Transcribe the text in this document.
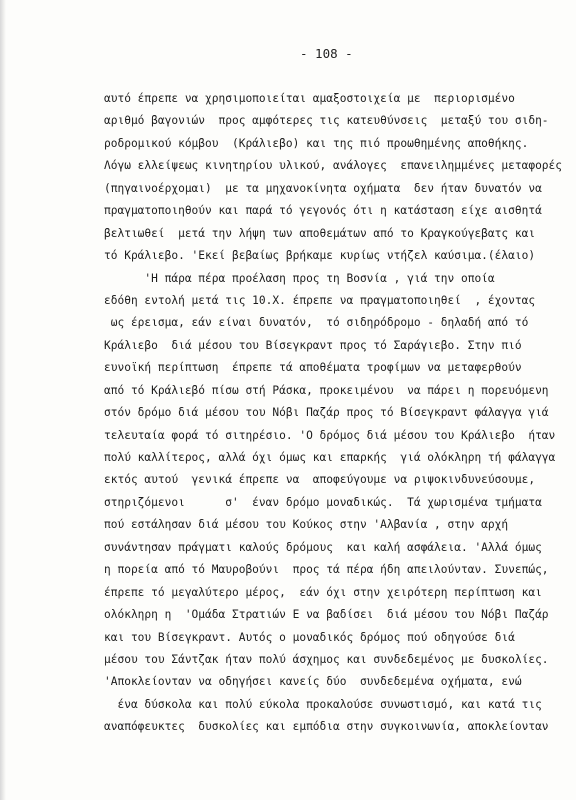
- 108 -
αυτό έπρεπε να χρησιμοποιείται αμαξοστοιχεία με  περιορισμένο
αριθμό βαγονιών  προς αμφότερες τις κατευθύνσεις  μεταξύ του σιδη-
ροδρομικού κόμβου  (Κράλιεβο) και της πιό προωθημένης αποθήκης.
Λόγω ελλείψεως κινητηρίου υλικού, ανάλογες  επανειλημμένες μεταφορές
(πηγαινοέρχομαι)  με τα μηχανοκίνητα οχήματα  δεν ήταν δυνατόν να
πραγματοποιηθούν και παρά τό γεγονός ότι η κατάσταση είχε αισθητά
βελτιωθεί  μετά την λήψη των αποθεμάτων από το Κραγκούγεβατς και
τό Κράλιεβο. 'Εκεί βεβαίως βρήκαμε κυρίως ντήζελ καύσιμα.(έλαιο)
'Η πάρα πέρα προέλαση προς τη Βοσνία , γιά την οποία
εδόθη εντολή μετά τις 10.Χ. έπρεπε να πραγματοποιηθεί  , έχοντας
ως έρεισμα, εάν είναι δυνατόν,  τό σιδηρόδρομο - δηλαδή από τό
Κράλιεβο  διά μέσου του Βίσεγκραντ προς τό Σαράγιεβο. Στην πιό
ευνοϊκή περίπτωση  έπρεπε τά αποθέματα τροφίμων να μεταφερθούν
από τό Κράλιεβό πίσω στή Ράσκα, προκειμένου  να πάρει η πορευόμενη
στόν δρόμο διά μέσου του Νόβι Παζάρ προς τό Βίσεγκραντ φάλαγγα γιά
τελευταία φορά τό σιτηρέσιο. 'Ο δρόμος διά μέσου του Κράλιεβο  ήταν
πολύ καλλίτερος, αλλά όχι όμως και επαρκής  γιά ολόκληρη τή φάλαγγα
εκτός αυτού  γενικά έπρεπε να  αποφεύγουμε να ριψοκινδυνεύσουμε,
στηριζόμενοι      σ'  έναν δρόμο μοναδικώς.  Τά χωρισμένα τμήματα
πού εστάλησαν διά μέσου του Κούκος στην 'Αλβανία , στην αρχή
συνάντησαν πράγματι καλούς δρόμους  και καλή ασφάλεια. 'Αλλά όμως
η πορεία από τό Μαυροβούνι  προς τά πέρα ήδη απειλούνταν. Συνεπώς,
έπρεπε τό μεγαλύτερο μέρος,  εάν όχι στην χειρότερη περίπτωση και
ολόκληρη η  'Ομάδα Στρατιών Ε να βαδίσει  διά μέσου του Νόβι Παζάρ
και του Βίσεγκραντ. Αυτός ο μοναδικός δρόμος πού οδηγούσε διά
μέσου του Σάντζακ ήταν πολύ άσχημος και συνδεδεμένος με δυσκολίες.
'Αποκλείονταν να οδηγήσει κανείς δύο  συνδεδεμένα οχήματα, ενώ
ένα δύσκολα και πολύ εύκολα προκαλούσε συνωστισμό, και κατά τις
αναπόφευκτες  δυσκολίες και εμπόδια στην συγκοινωνία, αποκλείονταν
